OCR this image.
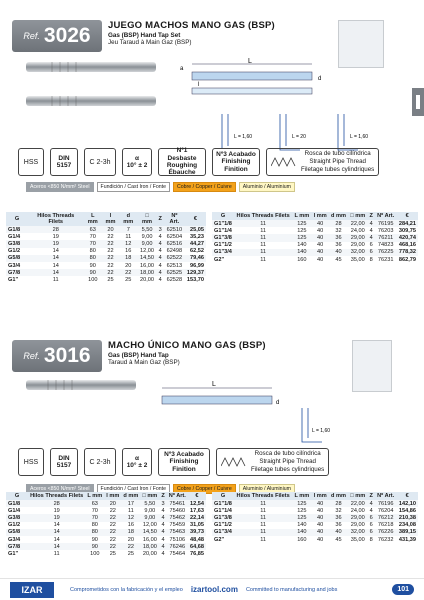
Ref. 3026 JUEGO MACHOS MANO GAS (BSP)
Gas (BSP) Hand Tap Set
Jeu Taraud à Main Gaz (BSP)
L
l
d
a
L = 1,60	L = 20	L = 1,60
HSS
DIN
5157	C 2-3h
α
10° ± 2
Nº1 Desbaste
Roughing
Ébauche
Nº3 Acabado
Finishing
Finition
Rosca de tubo cilíndrica
Straight Pipe Thread
Filetage tubes cylindriques
Aceros <850 N/mm² Steel	Fundición / Cast Iron / Fonte	Cobre / Copper / Cuivre	Aluminio / Aluminium
G	Hilos Threads Filets	L mm	l mm	d mm	□ mm	Z	Nº Art.	€
G1/8	28	63	20	7	5,50	3	62510	25,05
G1/4	19	70	22	11	9,00	4	62504	35,23
G3/8	19	70	22	12	9,00	4	62516	44,27
G1/2	14	80	22	16	12,00	4	62498	62,52
G5/8	14	80	22	18	14,50	4	62522	79,46
G3/4	14	90	22	20	16,00	4	62513	96,99
G7/8	14	90	22	22	18,00	4	62525	129,37
G1"	11	100	25	25	20,00	4	62528	153,70
G	Hilos Threads Filets	L mm	l mm	d mm	□ mm	Z	Nº Art.	€
G1"1/8	11	125	40	28	22,00	4	76195	284,21
G1"1/4	11	125	40	32	24,00	4	76203	309,75
G1"3/8	11	125	40	36	29,00	4	76211	420,74
G1"1/2	11	140	40	36	29,00	6	74823	468,16
G1"3/4	11	140	40	40	32,00	6	76225	778,32
G2"	11	160	40	45	35,00	8	76231	862,79
Ref. 3016 MACHO ÚNICO MANO GAS (BSP)
Gas (BSP) Hand Tap
Taraud à Main Gaz (BSP)
L
d
L = 1,60
HSS
DIN
5157	C 2-3h
α
10° ± 2
Nº3 Acabado
Finishing
Finition
Rosca de tubo cilíndrica
Straight Pipe Thread
Filetage tubes cylindriques
Aceros <850 N/mm² Steel	Fundición / Cast Iron / Fonte	Cobre / Copper / Cuivre	Aluminio / Aluminium
G	Hilos Threads Filets	L mm	l mm	d mm	□ mm	Z	Nº Art.	€
G1/8	28	63	20	17	5,50	3	75461	12,54
G1/4	19	70	22	11	9,00	4	75460	17,63
G3/8	19	70	22	12	9,00	4	75462	22,14
G1/2	14	80	22	16	12,00	4	75459	31,05
G5/8	14	80	22	18	14,50	4	75463	39,73
G3/4	14	90	22	20	16,00	4	75106	48,48
G7/8	14	90	22	22	18,00	4	76246	64,68
G1"	11	100	25	25	20,00	4	75464	76,85
G	Hilos Threads Filets	L mm	l mm	d mm	□ mm	Z	Nº Art.	€
G1"1/8	11	125	40	28	22,00	4	76196	142,10
G1"1/4	11	125	40	32	24,00	4	76204	154,86
G1"3/8	11	125	40	36	29,00	6	76212	210,38
G1"1/2	11	140	40	36	29,00	6	76218	234,08
G1"3/4	11	140	40	40	32,00	6	76226	389,15
G2"	11	160	40	45	35,00	8	76232	431,39
IZAR	Comprometidos con la fabricación y el empleo izartool.com Committed to manufacturing and jobs	101
